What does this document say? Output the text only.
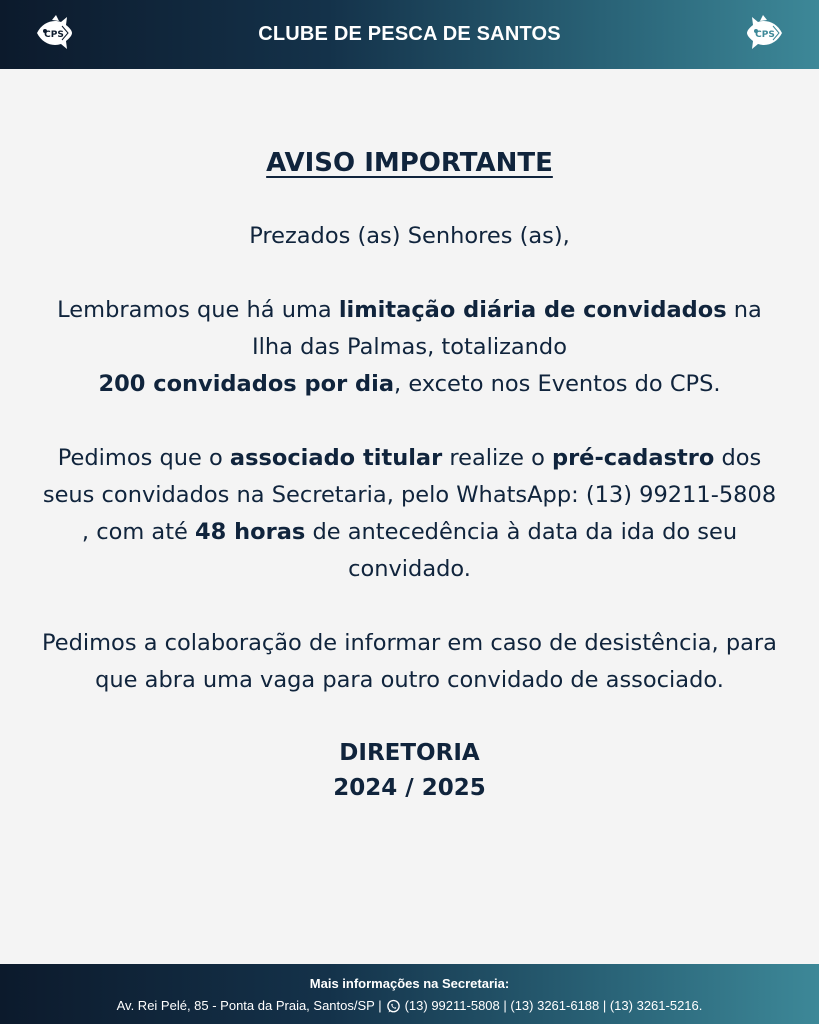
CPS	CLUBE DE PESCA DE SANTOS	CPS
AVISO IMPORTANTE

Prezados (as) Senhores (as),

Lembramos que há uma limitação diária de convidados na Ilha das Palmas, totalizando
200 convidados por dia, exceto nos Eventos do CPS.

Pedimos que o associado titular realize o pré-cadastro dos seus convidados na Secretaria, pelo WhatsApp: (13) 99211-5808 , com até 48 horas de antecedência à data da ida do seu convidado.

Pedimos a colaboração de informar em caso de desistência, para que abra uma vaga para outro convidado de associado.

DIRETORIA

2024 / 2025

Mais informações na Secretaria:
Av. Rei Pelé, 85 - Ponta da Praia, Santos/SP | (13) 99211-5808 | (13) 3261-6188 | (13) 3261-5216.
